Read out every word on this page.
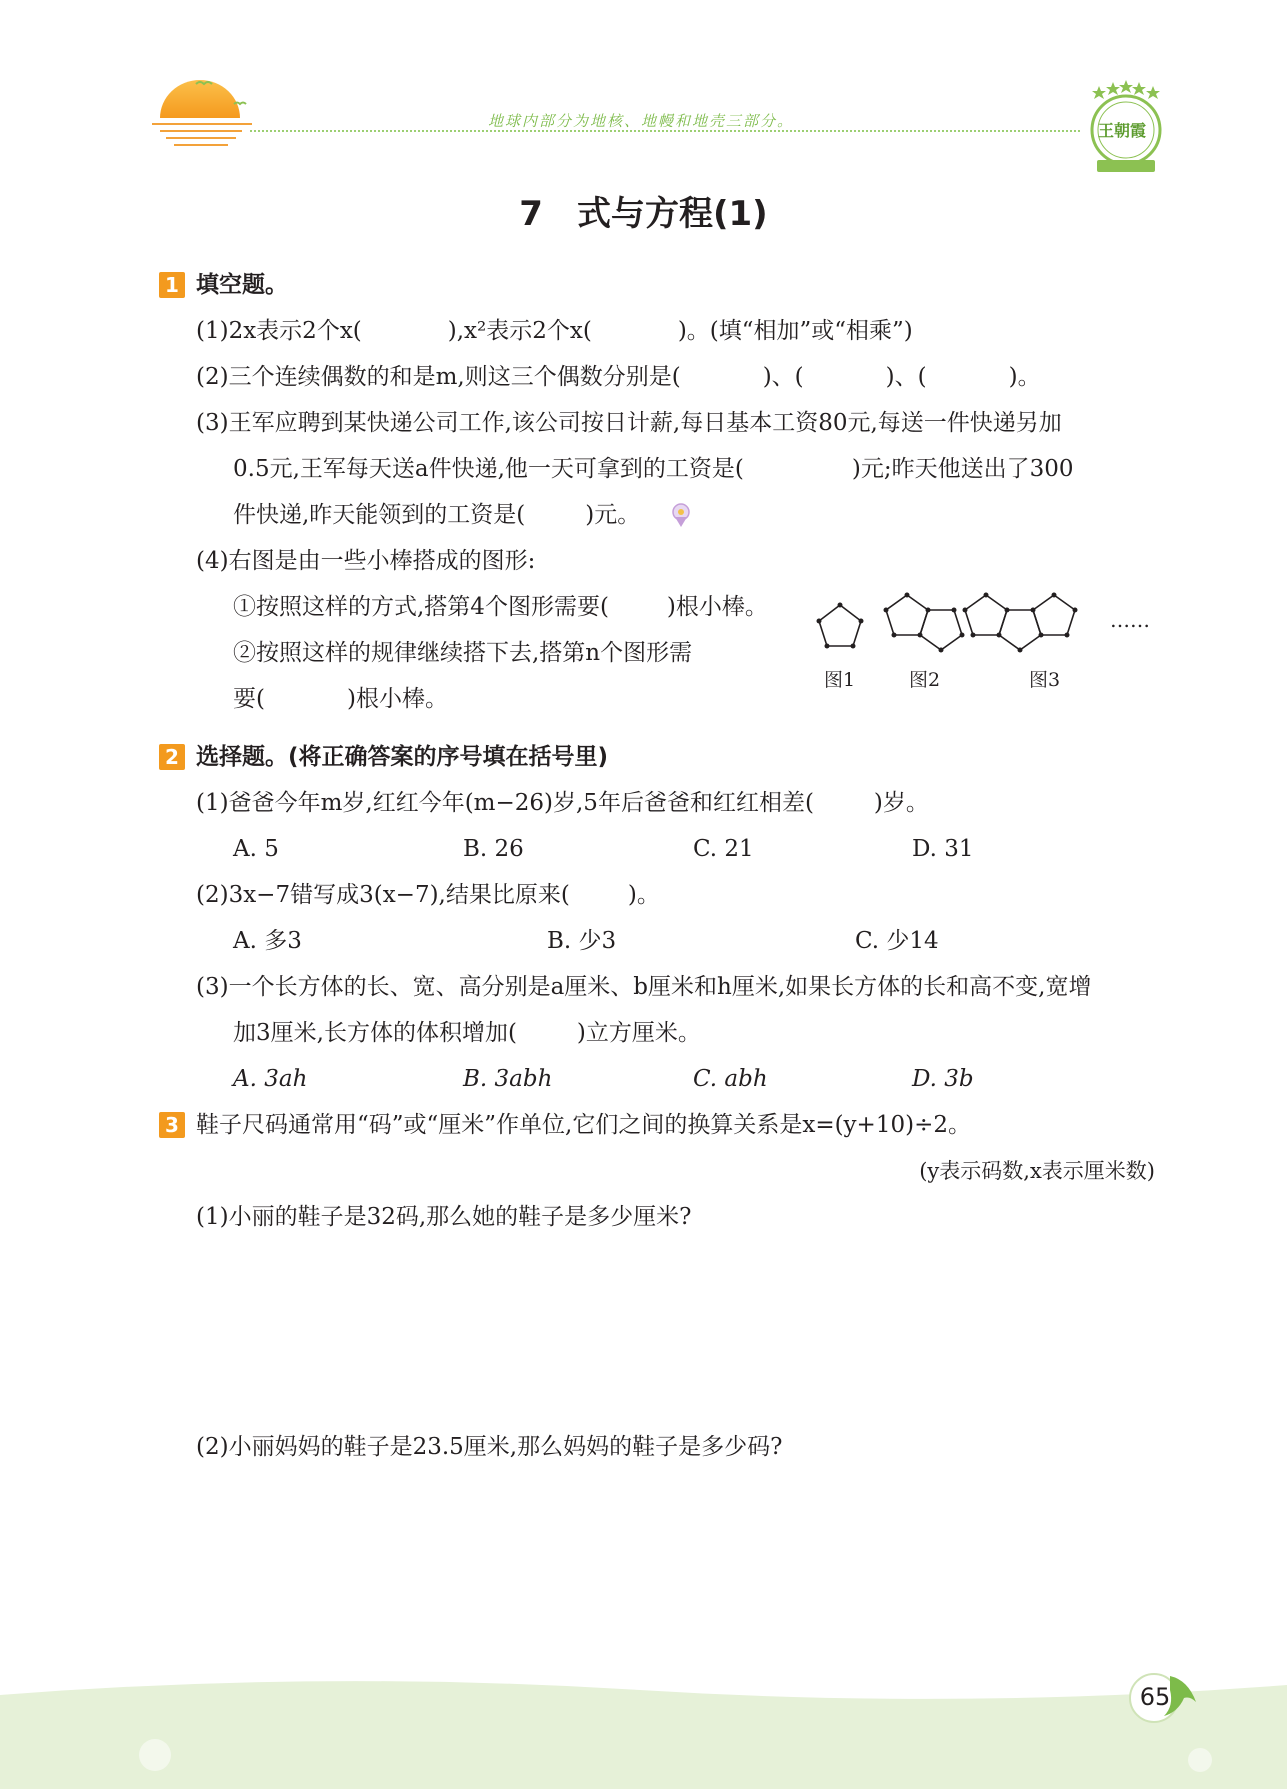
地球内部分为地核、地幔和地壳三部分。	王朝霞
7　式与方程(1)
1 填空题。
(1)2x表示2个x(	),x²表示2个x(	)。(填“相加”或“相乘”)
(2)三个连续偶数的和是m,则这三个偶数分别是(	)、(	)、(	)。
(3)王军应聘到某快递公司工作,该公司按日计薪,每日基本工资80元,每送一件快递另加
0.5元,王军每天送a件快递,他一天可拿到的工资是(	)元;昨天他送出了300
件快递,昨天能领到的工资是(	)元。
(4)右图是由一些小棒搭成的图形:
①按照这样的方式,搭第4个图形需要(	)根小棒。
②按照这样的规律继续搭下去,搭第n个图形需
要(	)根小棒。
……
图1	图2	图3
2 选择题。(将正确答案的序号填在括号里)
(1)爸爸今年m岁,红红今年(m−26)岁,5年后爸爸和红红相差(	)岁。
A. 5	B. 26	C. 21	D. 31
(2)3x−7错写成3(x−7),结果比原来(	)。
A. 多3	B. 少3	C. 少14
(3)一个长方体的长、宽、高分别是a厘米、b厘米和h厘米,如果长方体的长和高不变,宽增
加3厘米,长方体的体积增加(	)立方厘米。
A. 3ah	B. 3abh	C. abh	D. 3b
3 鞋子尺码通常用“码”或“厘米”作单位,它们之间的换算关系是x=(y+10)÷2。
(y表示码数,x表示厘米数)
(1)小丽的鞋子是32码,那么她的鞋子是多少厘米?
(2)小丽妈妈的鞋子是23.5厘米,那么妈妈的鞋子是多少码?
65
